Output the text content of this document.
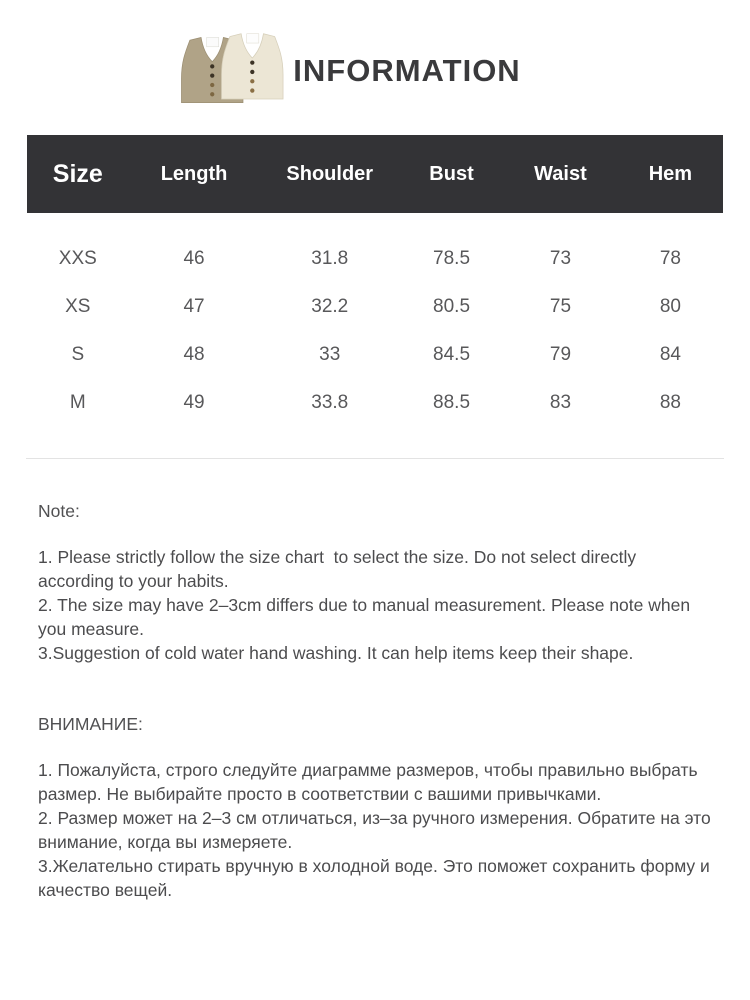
INFORMATION
Size	Length	Shoulder	Bust	Waist	Hem
XXS	46	31.8	78.5	73	78
XS	47	32.2	80.5	75	80
S	48	33	84.5	79	84
M	49	33.8	88.5	83	88

Note:

1. Please strictly follow the size chart  to select the size. Do not select directly according to your habits.
2. The size may have 2–3cm differs due to manual measurement. Please note when you measure.
3.Suggestion of cold water hand washing. It can help items keep their shape.

ВНИМАНИЕ:

1. Пожалуйста, строго следуйте диаграмме размеров, чтобы правильно выбрать размер. Не выбирайте просто в соответствии с вашими привычками.
2. Размер может на 2–3 см отличаться, из–за ручного измерения. Обратите на это внимание, когда вы измеряете.
3.Желательно стирать вручную в холодной воде. Это поможет сохранить форму и качество вещей.
